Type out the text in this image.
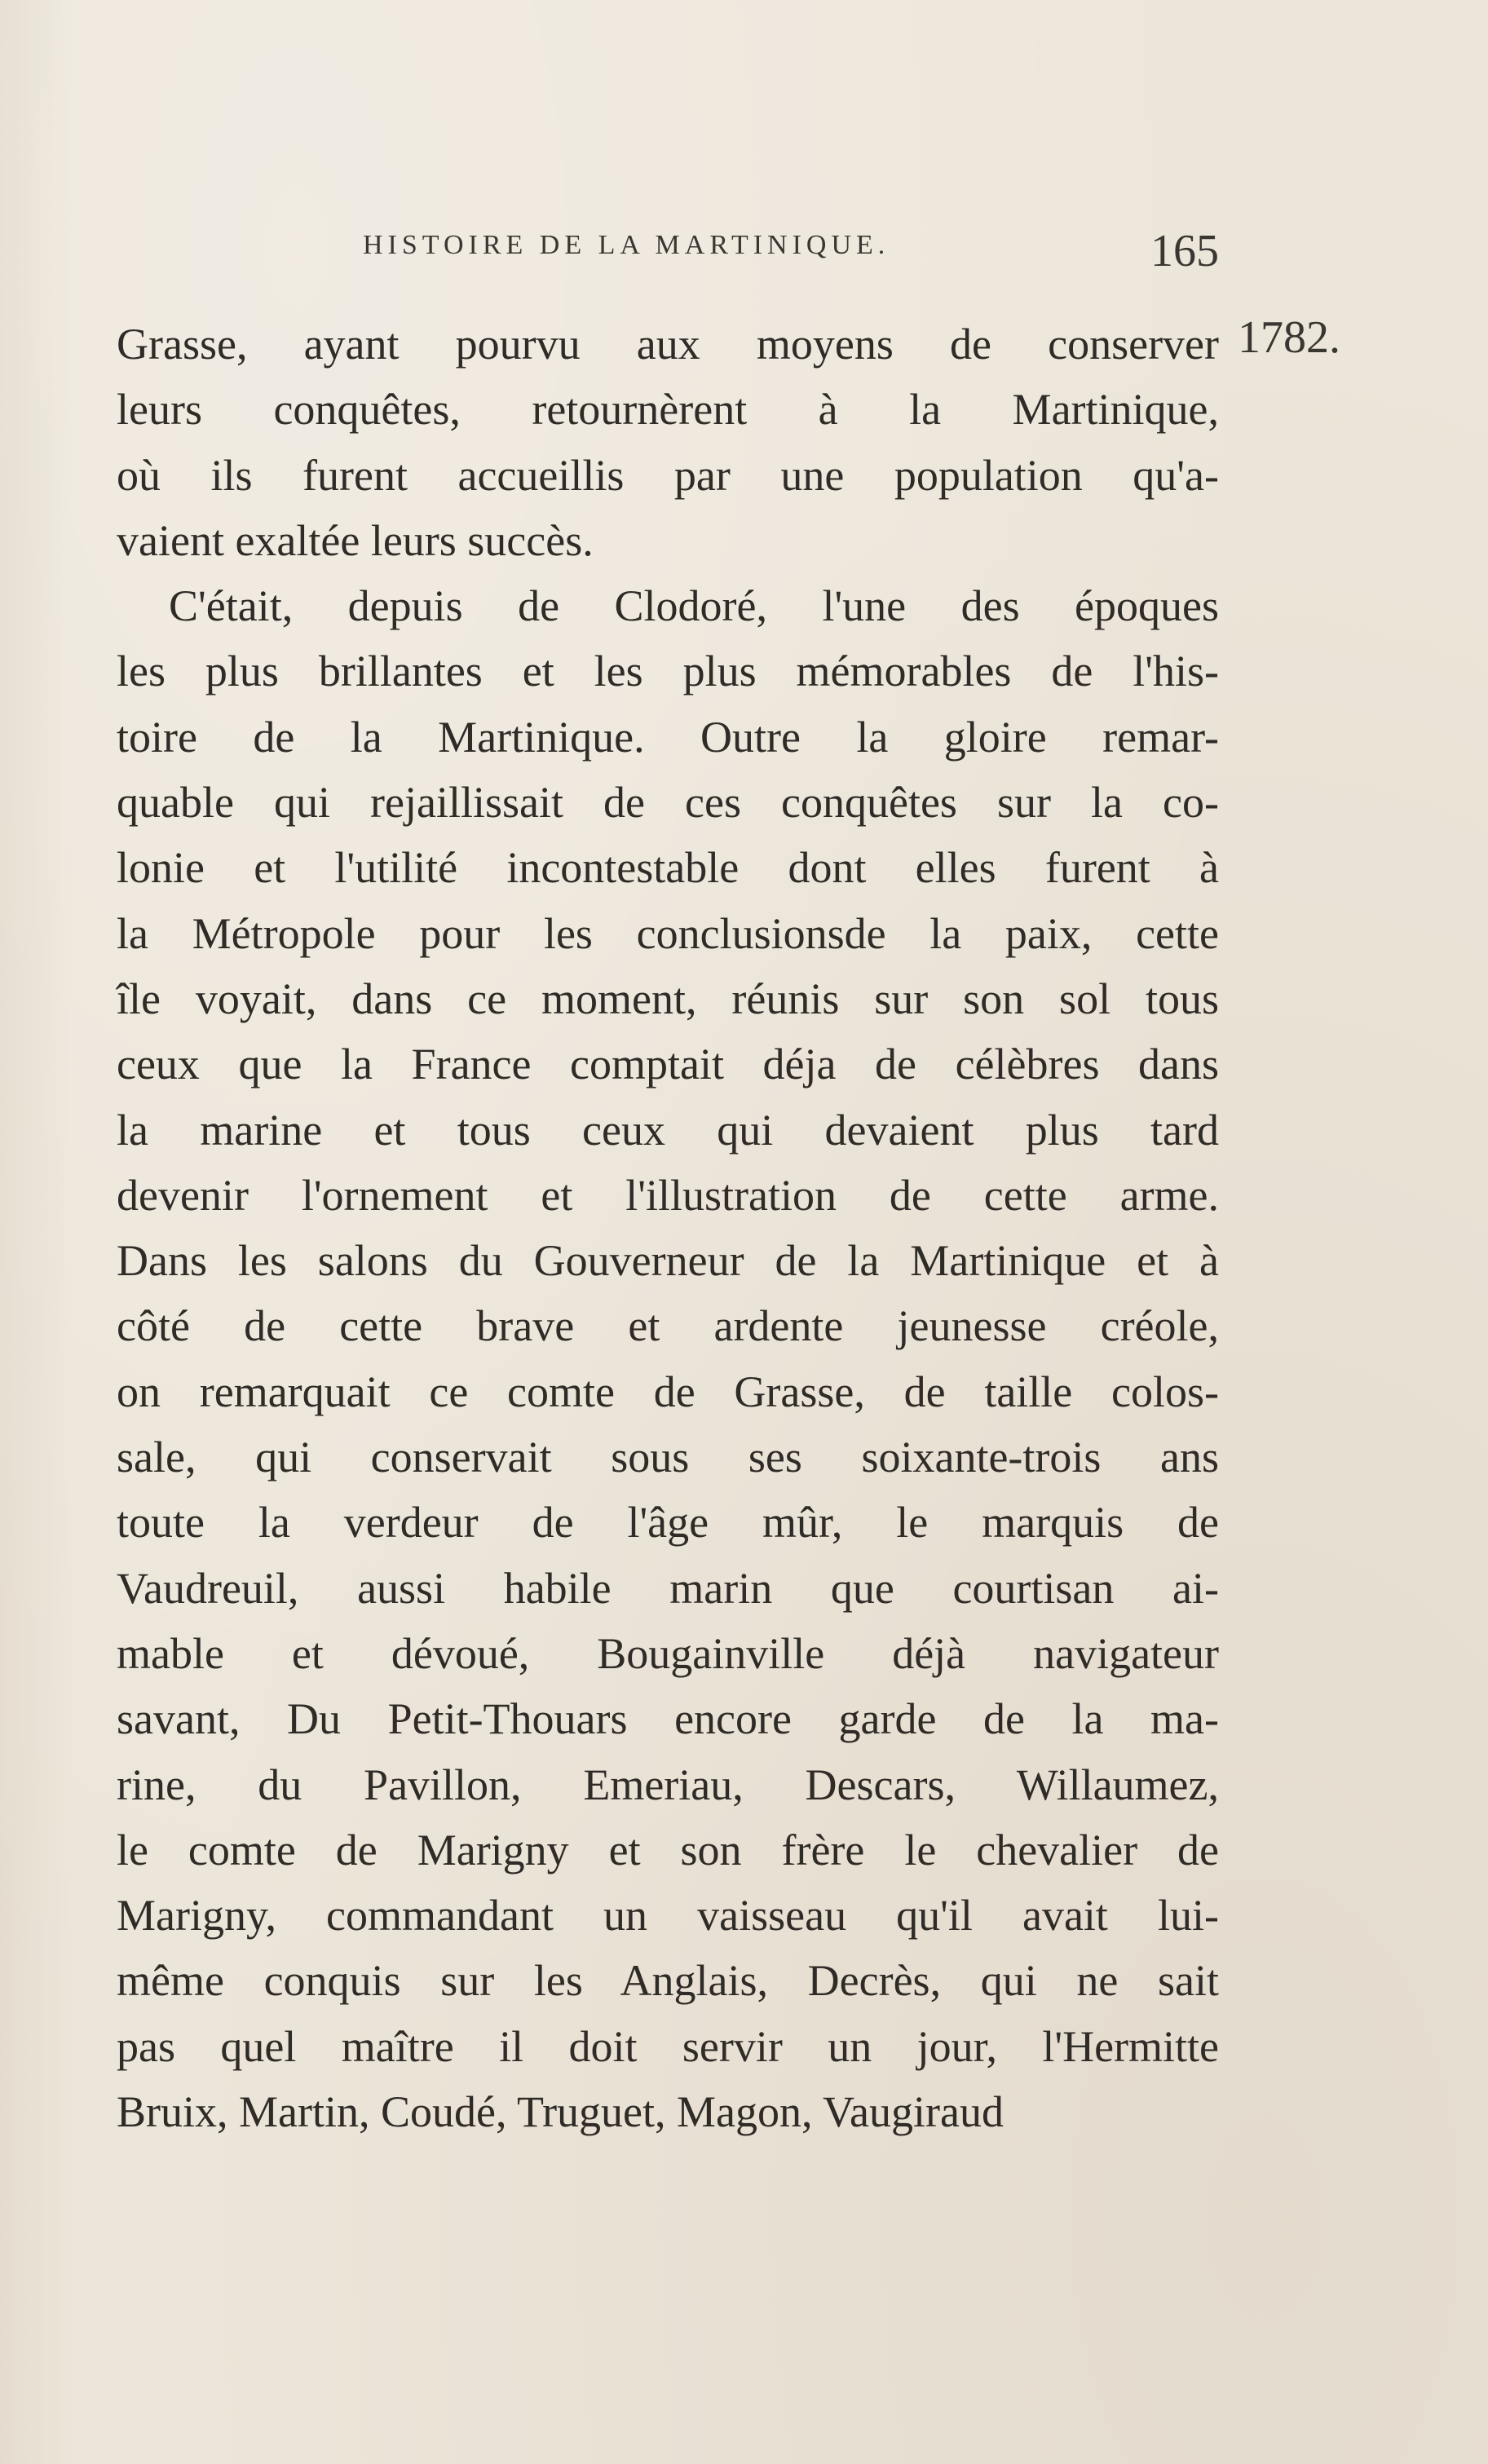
HISTOIRE DE LA MARTINIQUE.	165
1782.
Grasse, ayant pourvu aux moyens de conserver
leurs conquêtes, retournèrent à la Martinique,
où ils furent accueillis par une population qu'a-
vaient exaltée leurs succès.
C'était, depuis de Clodoré, l'une des époques
les plus brillantes et les plus mémorables de l'his-
toire de la Martinique. Outre la gloire remar-
quable qui rejaillissait de ces conquêtes sur la co-
lonie et l'utilité incontestable dont elles furent à
la Métropole pour les conclusionsde la paix, cette
île voyait, dans ce moment, réunis sur son sol tous
ceux que la France comptait déja de célèbres dans
la marine et tous ceux qui devaient plus tard
devenir l'ornement et l'illustration de cette arme.
Dans les salons du Gouverneur de la Martinique et à
côté de cette brave et ardente jeunesse créole,
on remarquait ce comte de Grasse, de taille colos-
sale, qui conservait sous ses soixante-trois ans
toute la verdeur de l'âge mûr, le marquis de
Vaudreuil, aussi habile marin que courtisan ai-
mable et dévoué, Bougainville déjà navigateur
savant, Du Petit-Thouars encore garde de la ma-
rine, du Pavillon, Emeriau, Descars, Willaumez,
le comte de Marigny et son frère le chevalier de
Marigny, commandant un vaisseau qu'il avait lui-
même conquis sur les Anglais, Decrès, qui ne sait
pas quel maître il doit servir un jour, l'Hermitte
Bruix, Martin, Coudé, Truguet, Magon, Vaugiraud
